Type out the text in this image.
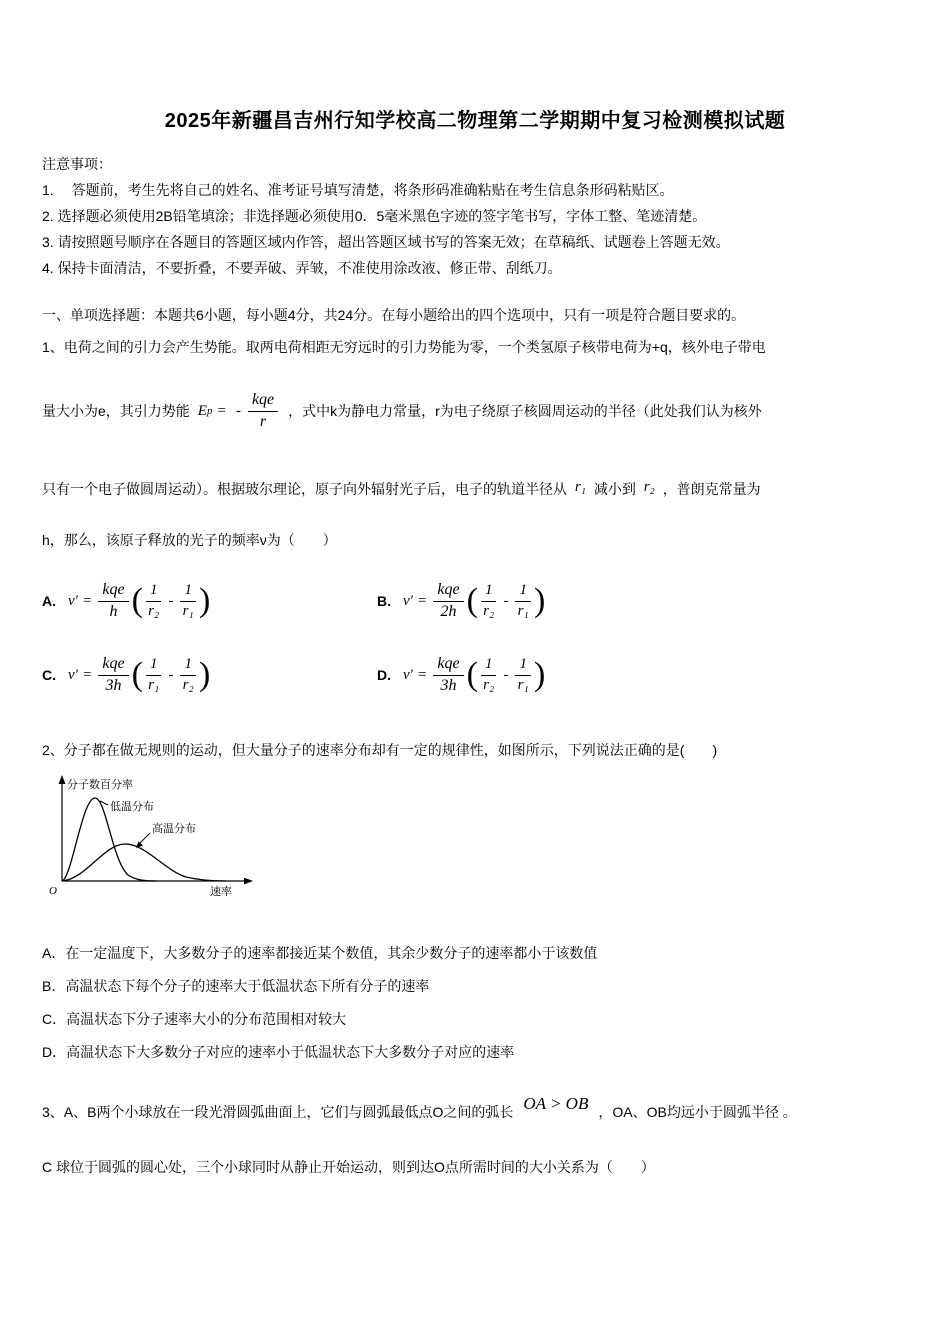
2025年新疆昌吉州行知学校高二物理第二学期期中复习检测模拟试题
注意事项：
1.　 答题前，考生先将自己的姓名、准考证号填写清楚，将条形码准确粘贴在考生信息条形码粘贴区。
2. 选择题必须使用2B铅笔填涂；非选择题必须使用0．5毫米黑色字迹的签字笔书写，字体工整、笔迹清楚。
3. 请按照题号顺序在各题目的答题区域内作答，超出答题区域书写的答案无效；在草稿纸、试题卷上答题无效。
4. 保持卡面清洁，不要折叠，不要弄破、弄皱，不准使用涂改液、修正带、刮纸刀。
一、单项选择题：本题共6小题，每小题4分，共24分。在每小题给出的四个选项中，只有一项是符合题目要求的。
1、电荷之间的引力会产生势能。取两电荷相距无穷远时的引力势能为零，一个类氢原子核带电荷为+q，核外电子带电
量大小为e，其引力势能 E p = - $\frac{\text{kqe}}{r}$ ，式中k为静电力常量，r为电子绕原子核圆周运动的半径（此处我们认为核外
只有一个电子做圆周运动）。根据玻尔理论，原子向外辐射光子后，电子的轨道半径从 r₁ 减小到 r₂ ，普朗克常量为
h，那么，该原子释放的光子的频率ν为（　　）
A. $\nu' = \frac{\text{kqe}}{h}$ ( $\frac{1}{\text{r₂}} - \frac{1}{\text{r₁}}$ )	B. $\nu' = \frac{\text{kqe}}{2h}$ ( $\frac{1}{\text{r₂}} - \frac{1}{\text{r₁}}$ )
C. $\nu' = \frac{\text{kqe}}{3h}$ ( $\frac{1}{\text{r₁}} - \frac{1}{\text{r₂}}$ )	D. $\nu' = \frac{\text{kqe}}{3h}$ ( $\frac{1}{\text{r₂}} - \frac{1}{\text{r₁}}$ )
2、分子都在做无规则的运动，但大量分子的速率分布却有一定的规律性，如图所示，下列说法正确的是(　　)
分子数百分率
低温分布
高温分布
速率
O
A．在一定温度下，大多数分子的速率都接近某个数值，其余少数分子的速率都小于该数值
B．高温状态下每个分子的速率大于低温状态下所有分子的速率
C．高温状态下分子速率大小的分布范围相对较大
D．高温状态下大多数分子对应的速率小于低温状态下大多数分子对应的速率
3、A、B两个小球放在一段光滑圆弧曲面上，它们与圆弧最低点O之间的弧长 OA > OB ，OA、OB均远小于圆弧半径 。
C 球位于圆弧的圆心处，三个小球同时从静止开始运动，则到达O点所需时间的大小关系为（　　）
